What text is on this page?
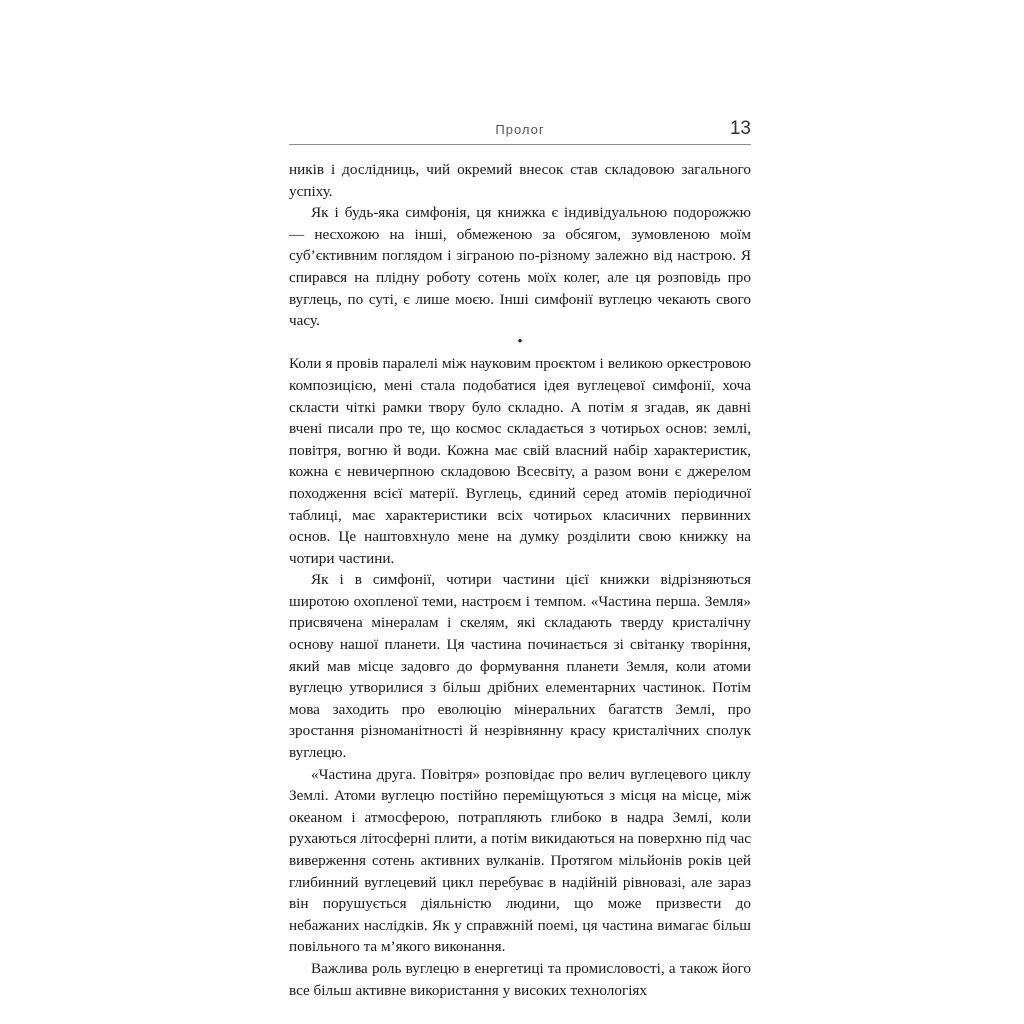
Пролог	13

ників і дослідниць, чий окремий внесок став складовою загального успіху.

Як і будь-яка симфонія, ця книжка є індивідуальною подорожжю — несхожою на інші, обмеженою за обсягом, зумовленою моїм суб’єктивним поглядом і зіграною по-різному залежно від настрою. Я спирався на плідну роботу сотень моїх колег, але ця розповідь про вуглець, по суті, є лише моєю. Інші симфонії вуглецю чекають свого часу.

•

Коли я провів паралелі між науковим проєктом і великою оркестровою композицією, мені стала подобатися ідея вуглецевої симфонії, хоча скласти чіткі рамки твору було складно. А потім я згадав, як давні вчені писали про те, що космос складається з чотирьох основ: землі, повітря, вогню й води. Кожна має свій власний набір характеристик, кожна є невичерпною складовою Всесвіту, а разом вони є джерелом походження всієї матерії. Вуглець, єдиний серед атомів періодичної таблиці, має характеристики всіх чотирьох класичних первинних основ. Це наштовхнуло мене на думку розділити свою книжку на чотири частини.

Як і в симфонії, чотири частини цієї книжки відрізняються широтою охопленої теми, настроєм і темпом. «Частина перша. Земля» присвячена мінералам і скелям, які складають тверду кристалічну основу нашої планети. Ця частина починається зі світанку творіння, який мав місце задовго до формування планети Земля, коли атоми вуглецю утворилися з більш дрібних елементарних частинок. Потім мова заходить про еволюцію мінеральних багатств Землі, про зростання різноманітності й незрівнянну красу кристалічних сполук вуглецю.

«Частина друга. Повітря» розповідає про велич вуглецевого циклу Землі. Атоми вуглецю постійно переміщуються з місця на місце, між океаном і атмосферою, потрапляють глибоко в надра Землі, коли рухаються літосферні плити, а потім викидаються на поверхню під час виверження сотень активних вулканів. Протягом мільйонів років цей глибинний вуглецевий цикл перебуває в надійній рівновазі, але зараз він порушується діяльністю людини, що може призвести до небажаних наслідків. Як у справжній поемі, ця частина вимагає більш повільного та м’якого виконання.

Важлива роль вуглецю в енергетиці та промисловості, а також його все більш активне використання у високих технологіях
